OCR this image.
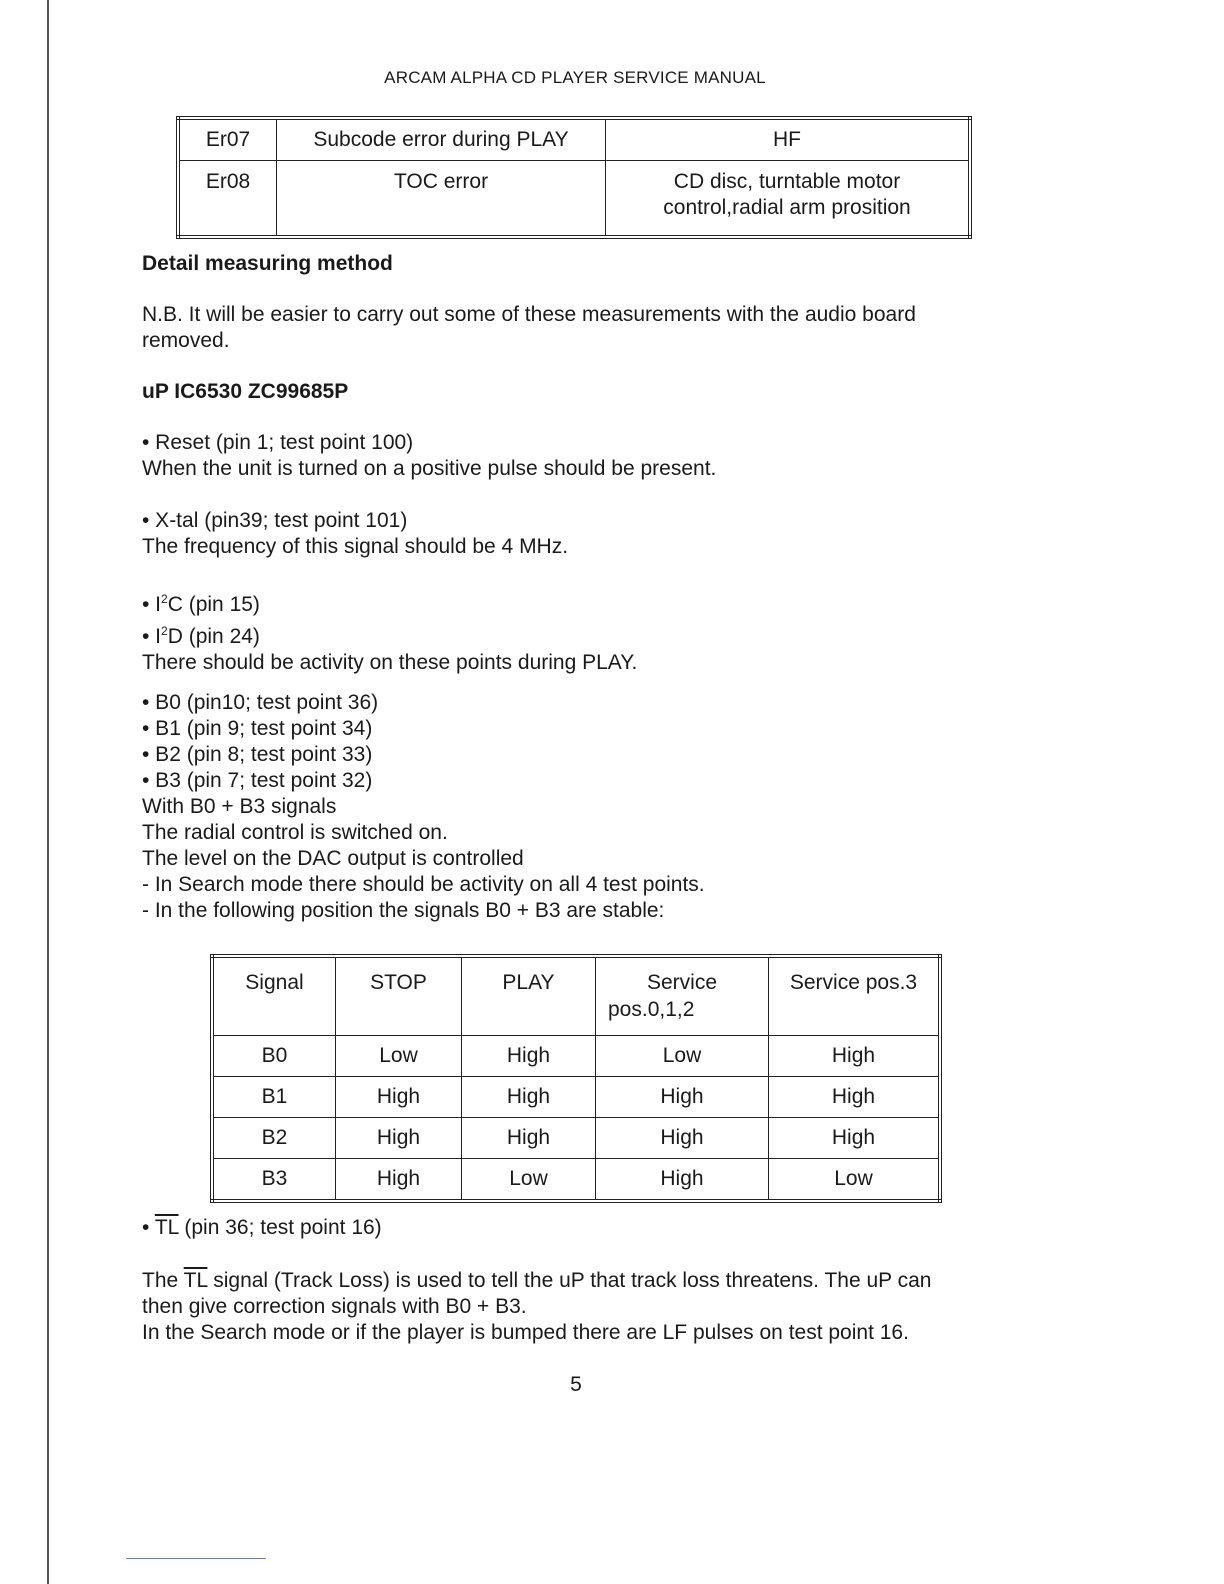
ARCAM ALPHA CD PLAYER SERVICE MANUAL
Er07	Subcode error during PLAY	HF
Er08	TOC error	CD disc, turntable motor
control,radial arm prosition

Detail measuring method

N.B. It will be easier to carry out some of these measurements with the audio board

removed.

uP IC6530 ZC99685P

• Reset (pin 1; test point 100)

When the unit is turned on a positive pulse should be present.

• X-tal (pin39; test point 101)

The frequency of this signal should be 4 MHz.

• $I^2C$ (pin 15)

• $I^2D$ (pin 24)

There should be activity on these points during PLAY.

• B0 (pin10; test point 36)

• B1 (pin 9; test point 34)

• B2 (pin 8; test point 33)

• B3 (pin 7; test point 32)

With B0 + B3 signals

The radial control is switched on.

The level on the DAC output is controlled

- In Search mode there should be activity on all 4 test points.

- In the following position the signals B0 + B3 are stable:

Signal	STOP	PLAY	Service
pos.0,1,2	Service pos.3
B0	Low	High	Low	High
B1	High	High	High	High
B2	High	High	High	High
B3	High	Low	High	Low

• $\overline{TL}$ (pin 36; test point 16)

The $\overline{TL}$ signal (Track Loss) is used to tell the uP that track loss threatens. The uP can

then give correction signals with B0 + B3.

In the Search mode or if the player is bumped there are LF pulses on test point 16.

5
